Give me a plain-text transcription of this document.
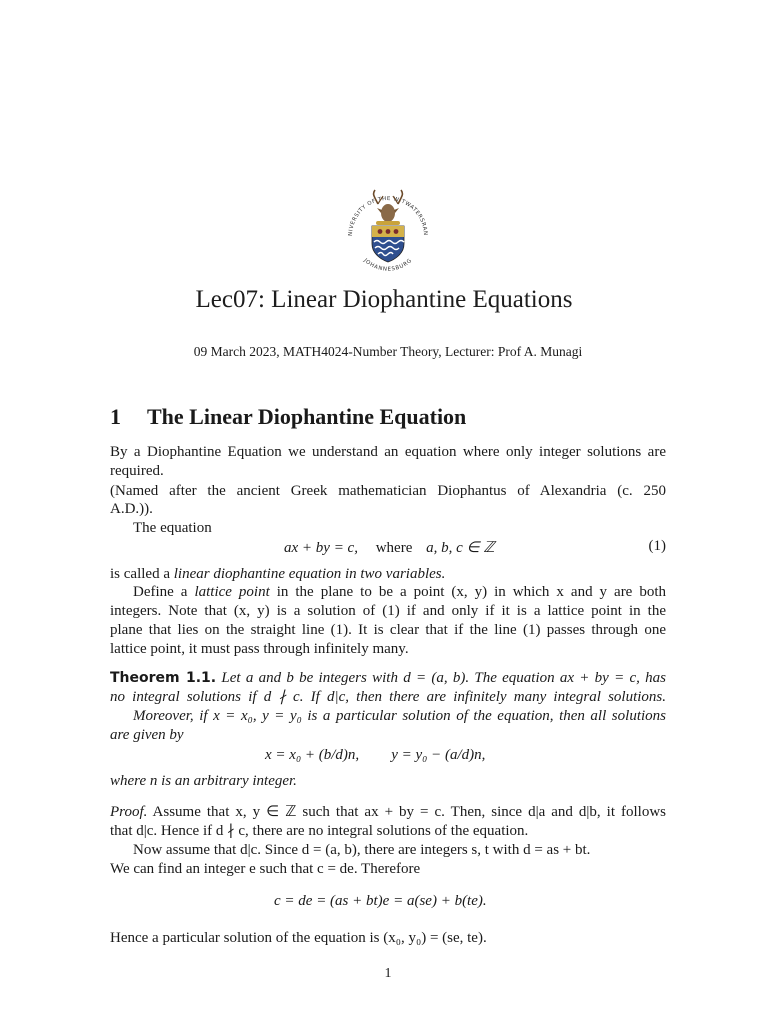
NIVERSITY OF THE WITWATERSRAN
JOHANNESBURG
Lec07: Linear Diophantine Equations
09 March 2023, MATH4024-Number Theory, Lecturer: Prof A. Munagi
1 The Linear Diophantine Equation
By a Diophantine Equation we understand an equation where only integer solutions are
required.
(Named after the ancient Greek mathematician Diophantus of Alexandria (c. 250
A.D.)).
The equation
ax + by = c, where a, b, c ∈ ℤ	(1)
is called a linear diophantine equation in two variables.
Define a lattice point in the plane to be a point (x, y) in which x and y are both
integers. Note that (x, y) is a solution of (1) if and only if it is a lattice point in the
plane that lies on the straight line (1). It is clear that if the line (1) passes through one
lattice point, it must pass through infinitely many.
Theorem 1.1. Let a and b be integers with d = (a, b). The equation ax + by = c, has
no integral solutions if d ∤ c. If d|c, then there are infinitely many integral solutions.
Moreover, if x = x₀, y = y₀ is a particular solution of the equation, then all solutions
are given by
x = x₀ + (b/d)n, y = y₀ − (a/d)n,
where n is an arbitrary integer.
Proof. Assume that x, y ∈ ℤ such that ax + by = c. Then, since d|a and d|b, it follows
that d|c. Hence if d ∤ c, there are no integral solutions of the equation.
Now assume that d|c. Since d = (a, b), there are integers s, t with d = as + bt.
We can find an integer e such that c = de. Therefore
c = de = (as + bt)e = a(se) + b(te).
Hence a particular solution of the equation is (x₀, y₀) = (se, te).
1
